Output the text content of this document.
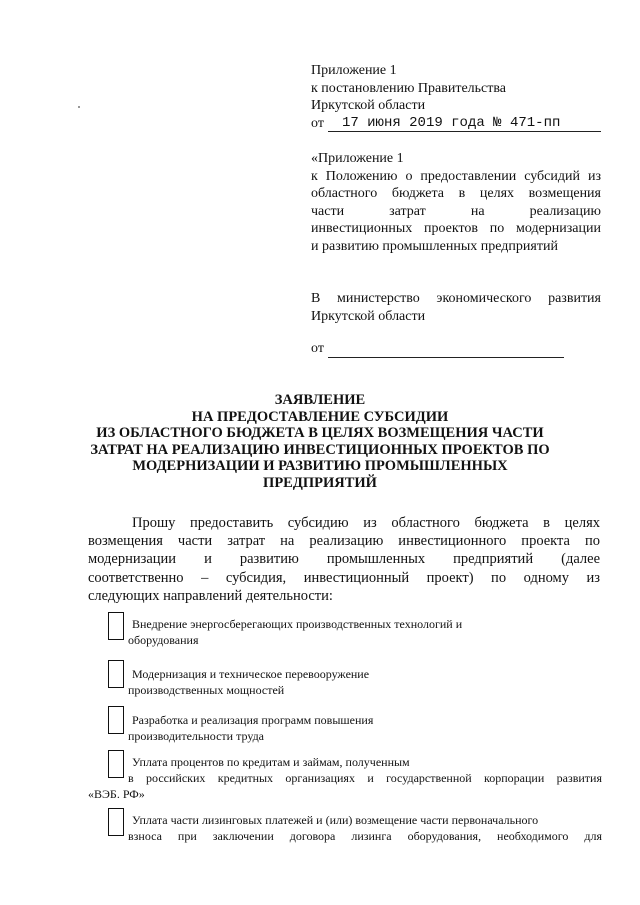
Приложение 1
к постановлению Правительства
Иркутской области
от	17 июня 2019 года № 471-пп
«Приложение 1
к Положению о предоставлении субсидий из
областного бюджета в целях возмещения
части затрат на реализацию
инвестиционных проектов по модернизации
и развитию промышленных предприятий
В министерство экономического развития
Иркутской области
от
ЗАЯВЛЕНИЕ
НА ПРЕДОСТАВЛЕНИЕ СУБСИДИИ
ИЗ ОБЛАСТНОГО БЮДЖЕТА В ЦЕЛЯХ ВОЗМЕЩЕНИЯ ЧАСТИ
ЗАТРАТ НА РЕАЛИЗАЦИЮ ИНВЕСТИЦИОННЫХ ПРОЕКТОВ ПО
МОДЕРНИЗАЦИИ И РАЗВИТИЮ ПРОМЫШЛЕННЫХ
ПРЕДПРИЯТИЙ
Прошу предоставить субсидию из областного бюджета в целях
возмещения части затрат на реализацию инвестиционного проекта по
модернизации и развитию промышленных предприятий (далее
соответственно – субсидия, инвестиционный проект) по одному из
следующих направлений деятельности:
Внедрение энергосберегающих производственных технологий и
оборудования
Модернизация и техническое перевооружение
производственных мощностей
Разработка и реализация программ повышения
производительности труда
Уплата процентов по кредитам и займам, полученным
в российских кредитных организациях и государственной корпорации развития
«ВЭБ. РФ»
Уплата части лизинговых платежей и (или) возмещение части первоначального
взноса при заключении договора лизинга оборудования, необходимого для
